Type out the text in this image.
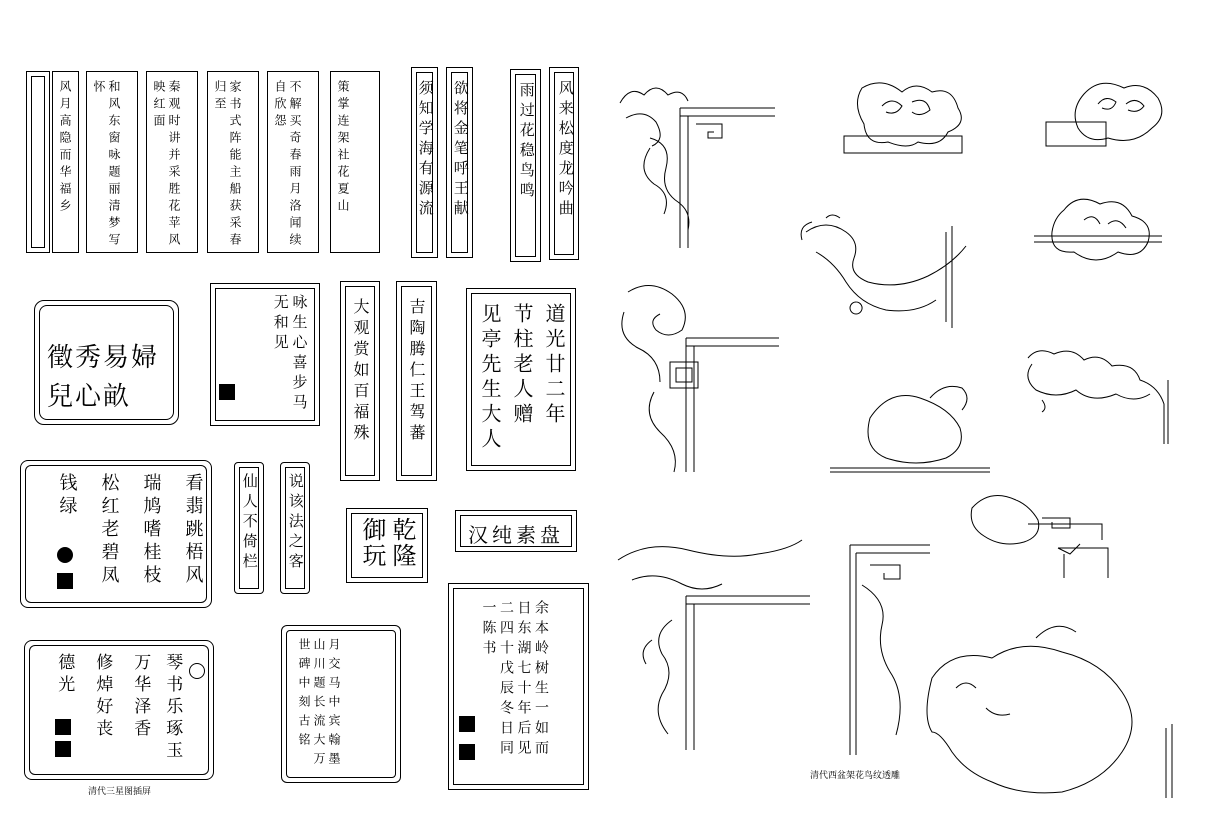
风月高隐而华福乡	和风东窗咏题丽清梦写怀	秦观时讲并采胜花苹风映红面	家书式阵能主船获采春归至	不解买奇春雨月洛闻续自欣怨	策掌连架社花夏山	须知学海有源流 欲将金笔呼王献	雨过花稳鸟鸣 风来松度龙吟曲
徵秀易婦兒心畝	咏生心喜步马无和见	大观赏如百福殊 吉陶腾仁王驾蕃	道光廿二年
节柱老人赠
见亭先生大人
看翡跳梧风
瑞鸠嗜桂枝
松红老碧凤
钱绿	仙人不倚栏 说该法之客	乾隆御玩	汉纯素盘
琴书乐琢玉
万华泽香
修焯好丧
德光
清代三星图插屏
月交马中宾翰墨山川题长流大万世碑中刻古铭	余本岭树生一如而日东湖七十年后见二四十戊辰冬日同一陈书
清代西盆架花鸟纹透雕
